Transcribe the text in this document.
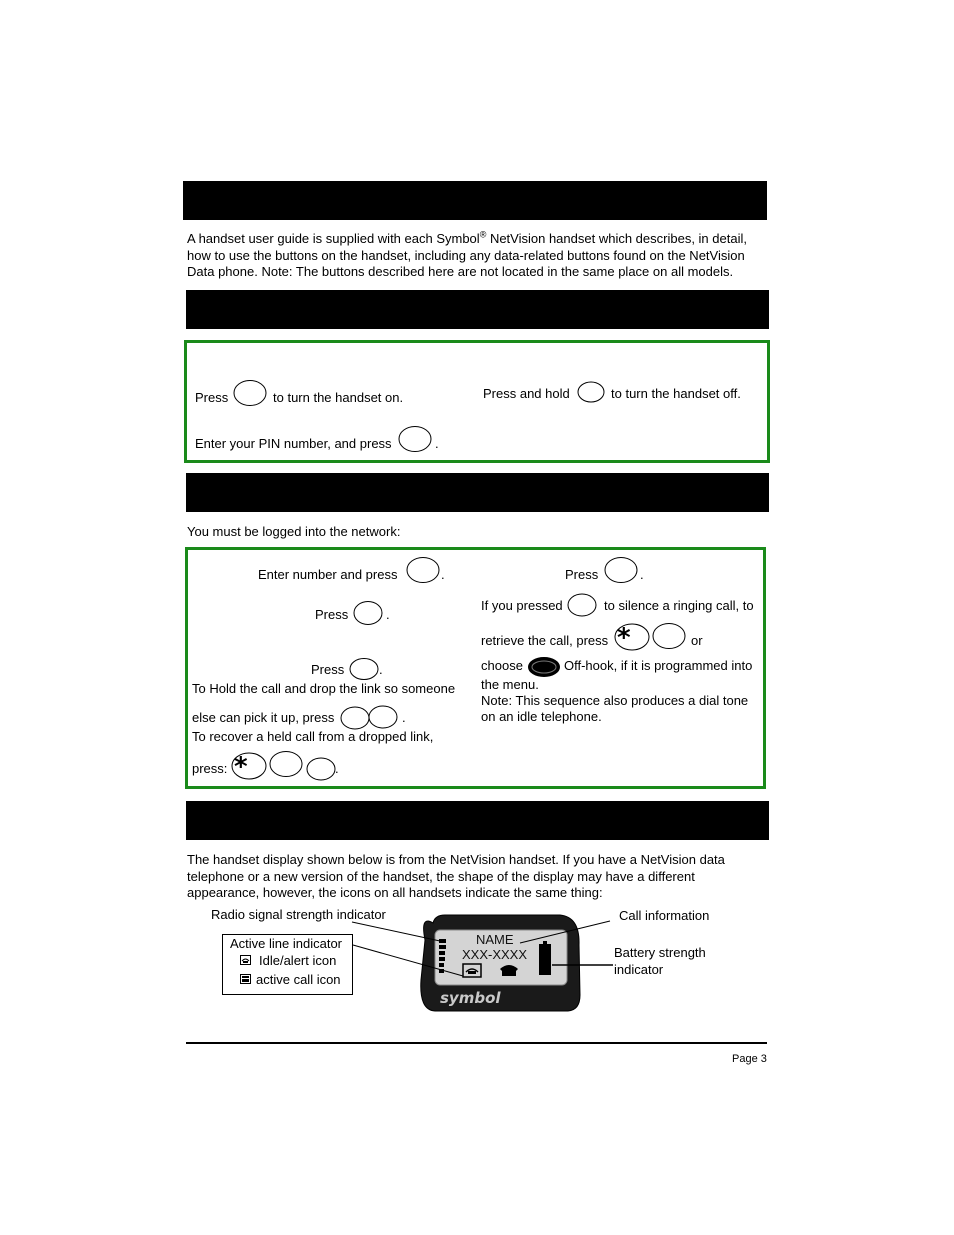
A handset user guide is supplied with each Symbol® NetVision handset which describes, in detail,
how to use the buttons on the handset, including any data-related buttons found on the NetVision
Data phone. Note: The buttons described here are not located in the same place on all models.
Press	to turn the handset on.	Press and hold	to turn the handset off.
Enter your PIN number, and press	.
You must be logged into the network:
Enter number and press	.
Press	.
Press	.
To Hold the call and drop the link so someone
else can pick it up, press	.
To recover a held call from a dropped link,
press: *	.
Press	.
If you pressed	to silence a ringing call, to
retrieve the call, press *	or
choose	Off-hook, if it is programmed into
the menu.
Note: This sequence also produces a dial tone
on an idle telephone.
The handset display shown below is from the NetVision handset. If you have a NetVision data
telephone or a new version of the handset, the shape of the display may have a different
appearance, however, the icons on all handsets indicate the same thing:
Radio signal strength indicator	Call information
Battery strength
indicator
Active line indicator
Idle/alert icon
active call icon
symbol
NAME
XXX-XXXX
Page 3
